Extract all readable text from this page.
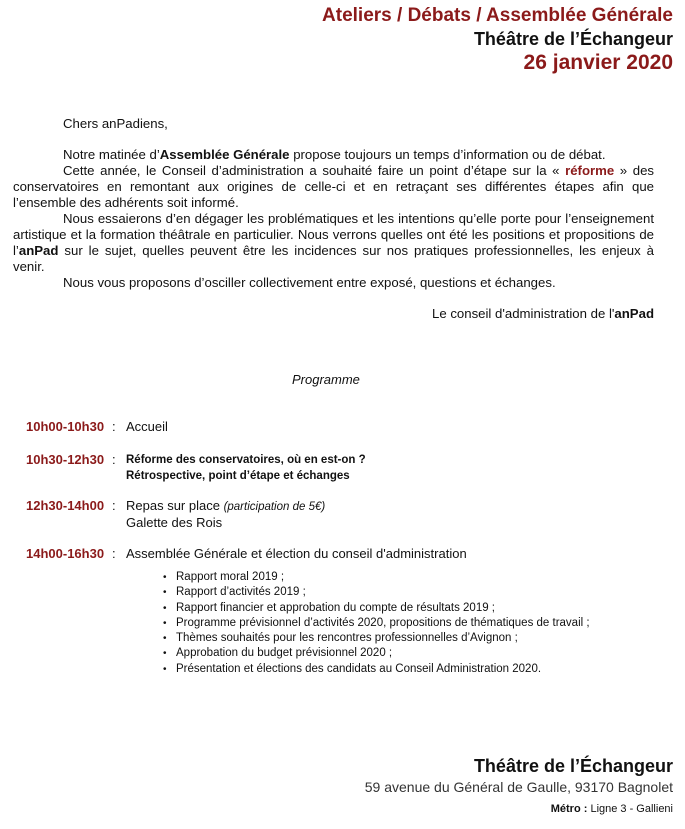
Ateliers / Débats / Assemblée Générale
Théâtre de l’Échangeur
26 janvier 2020

Chers anPadiens,

Notre matinée d’Assemblée Générale propose toujours un temps d’information ou de débat.

Cette année, le Conseil d’administration a souhaité faire un point d’étape sur la « réforme » des conservatoires en remontant aux origines de celle-ci et en retraçant ses différentes étapes afin que l’ensemble des adhérents soit informé.

Nous essaierons d’en dégager les problématiques et les intentions qu’elle porte pour l’enseignement artistique et la formation théâtrale en particulier. Nous verrons quelles ont été les positions et propositions de l’anPad sur le sujet, quelles peuvent être les incidences sur nos pratiques professionnelles, les enjeux à venir.

Nous vous proposons d’osciller collectivement entre exposé, questions et échanges.

Le conseil d'administration de l'anPad

Programme
10h00-10h30 : Accueil
10h30-12h30 : Réforme des conservatoires, où en est-on ?
Rétrospective, point d’étape et échanges
12h30-14h00 : Repas sur place (participation de 5€)
Galette des Rois
14h00-16h30 : Assemblée Générale et élection du conseil d'administration
• Rapport moral 2019 ;
• Rapport d’activités 2019 ;
• Rapport financier et approbation du compte de résultats 2019 ;
• Programme prévisionnel d’activités 2020, propositions de thématiques de travail ;
• Thèmes souhaités pour les rencontres professionnelles d’Avignon ;
• Approbation du budget prévisionnel 2020 ;
• Présentation et élections des candidats au Conseil Administration 2020.
Théâtre de l’Échangeur
59 avenue du Général de Gaulle, 93170 Bagnolet
Métro : Ligne 3 - Gallieni
